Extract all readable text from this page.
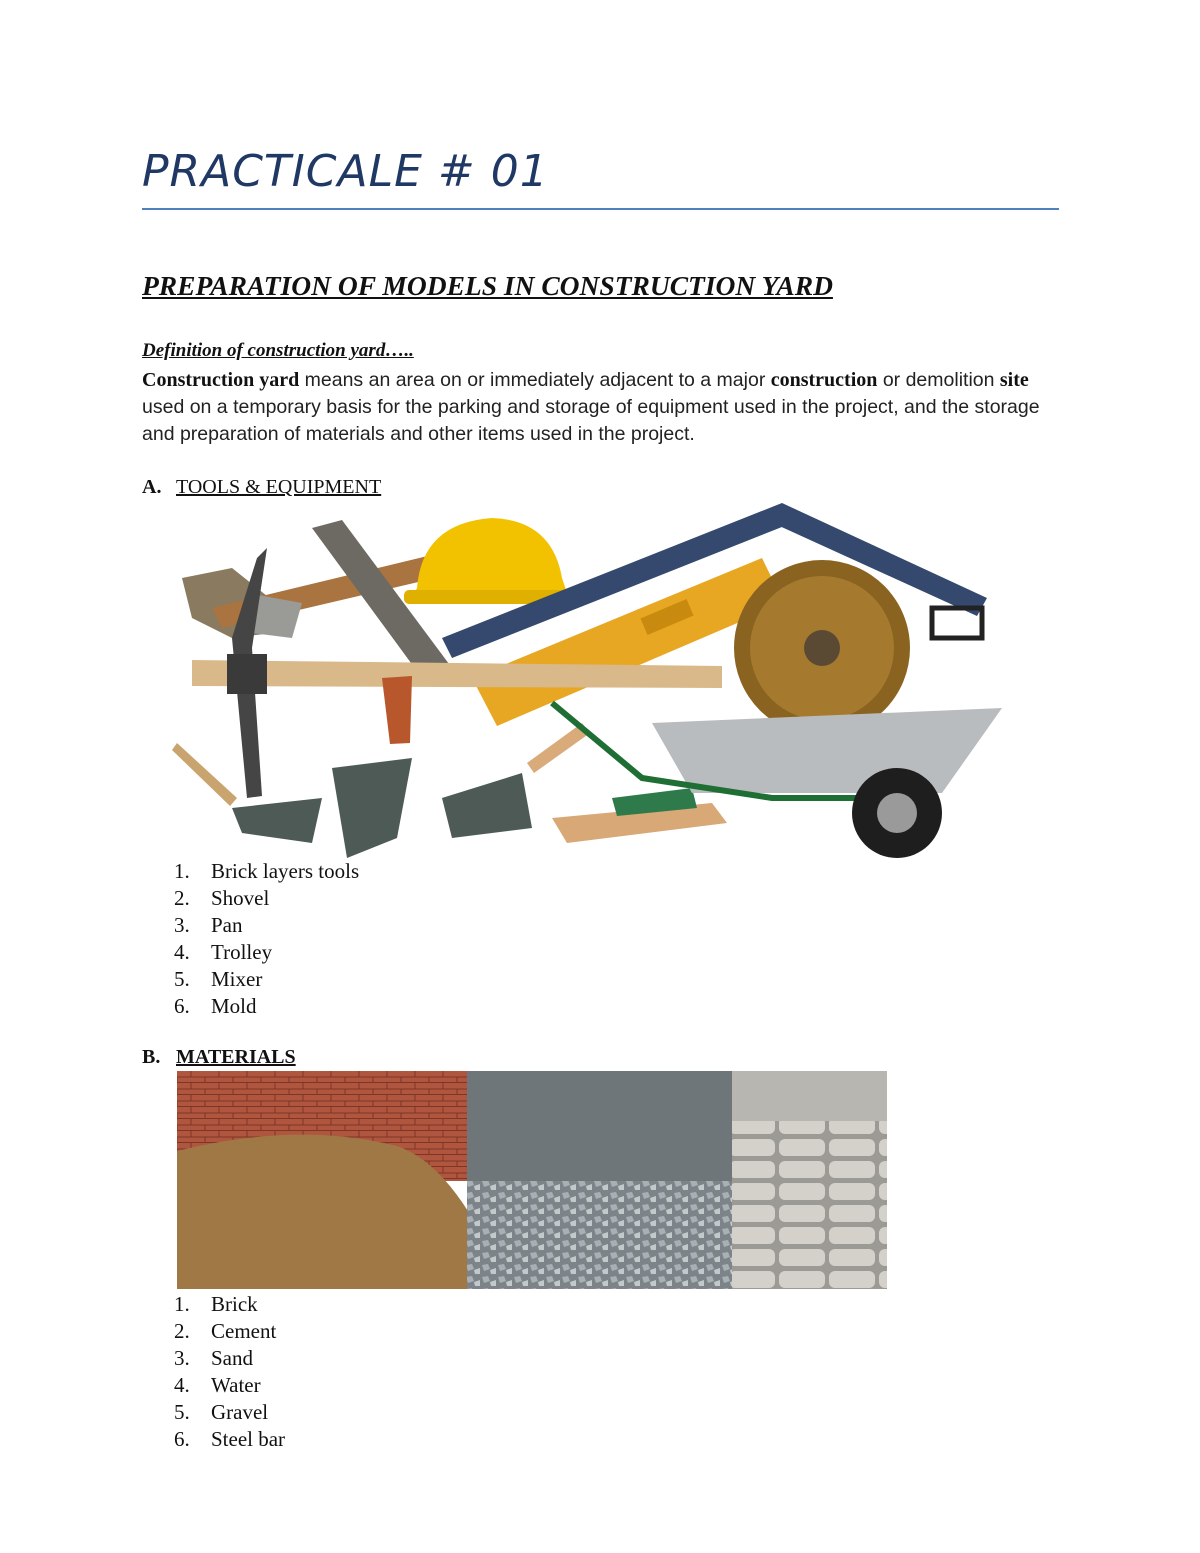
PRACTICALE # 01
PREPARATION OF MODELS IN CONSTRUCTION YARD
Definition of construction yard…..
Construction yard means an area on or immediately adjacent to a major construction or demolition site used on a temporary basis for the parking and storage of equipment used in the project, and the storage and preparation of materials and other items used in the project.
A. TOOLS & EQUIPMENT
1.	Brick layers tools
2.	Shovel
3.	Pan
4.	Trolley
5.	Mixer
6.	Mold
B. MATERIALS
1.	Brick
2.	Cement
3.	Sand
4.	Water
5.	Gravel
6.	Steel bar
